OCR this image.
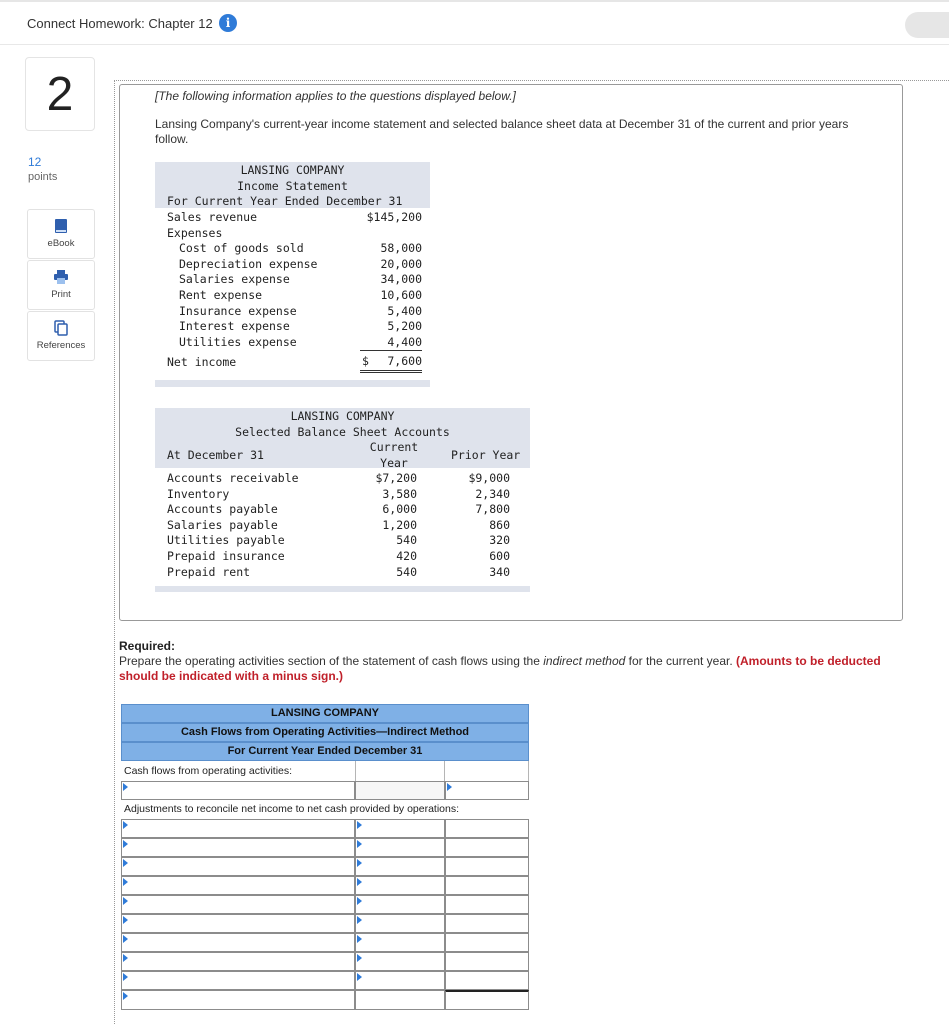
Connect Homework: Chapter 12	i
2
12
points
eBook
Print
References
[The following information applies to the questions displayed below.]
Lansing Company's current-year income statement and selected balance sheet data at December 31 of the current and prior years follow.
LANSING COMPANY
Income Statement
For Current Year Ended December 31
Sales revenue	$145,200
Expenses
Cost of goods sold	58,000
Depreciation expense	20,000
Salaries expense	34,000
Rent expense	10,600
Insurance expense	5,400
Interest expense	5,200
Utilities expense	4,400
Net income	$	7,600
LANSING COMPANY
Selected Balance Sheet Accounts
Current
At December 31	Prior Year
Year
Accounts receivable	$7,200	$9,000
Inventory	3,580	2,340
Accounts payable	6,000	7,800
Salaries payable	1,200	860
Utilities payable	540	320
Prepaid insurance	420	600
Prepaid rent	540	340
Required:
Prepare the operating activities section of the statement of cash flows using the indirect method for the current year. (Amounts to be deducted should be indicated with a minus sign.)
LANSING COMPANY
Cash Flows from Operating Activities—Indirect Method
For Current Year Ended December 31
Cash flows from operating activities:
Adjustments to reconcile net income to net cash provided by operations:
